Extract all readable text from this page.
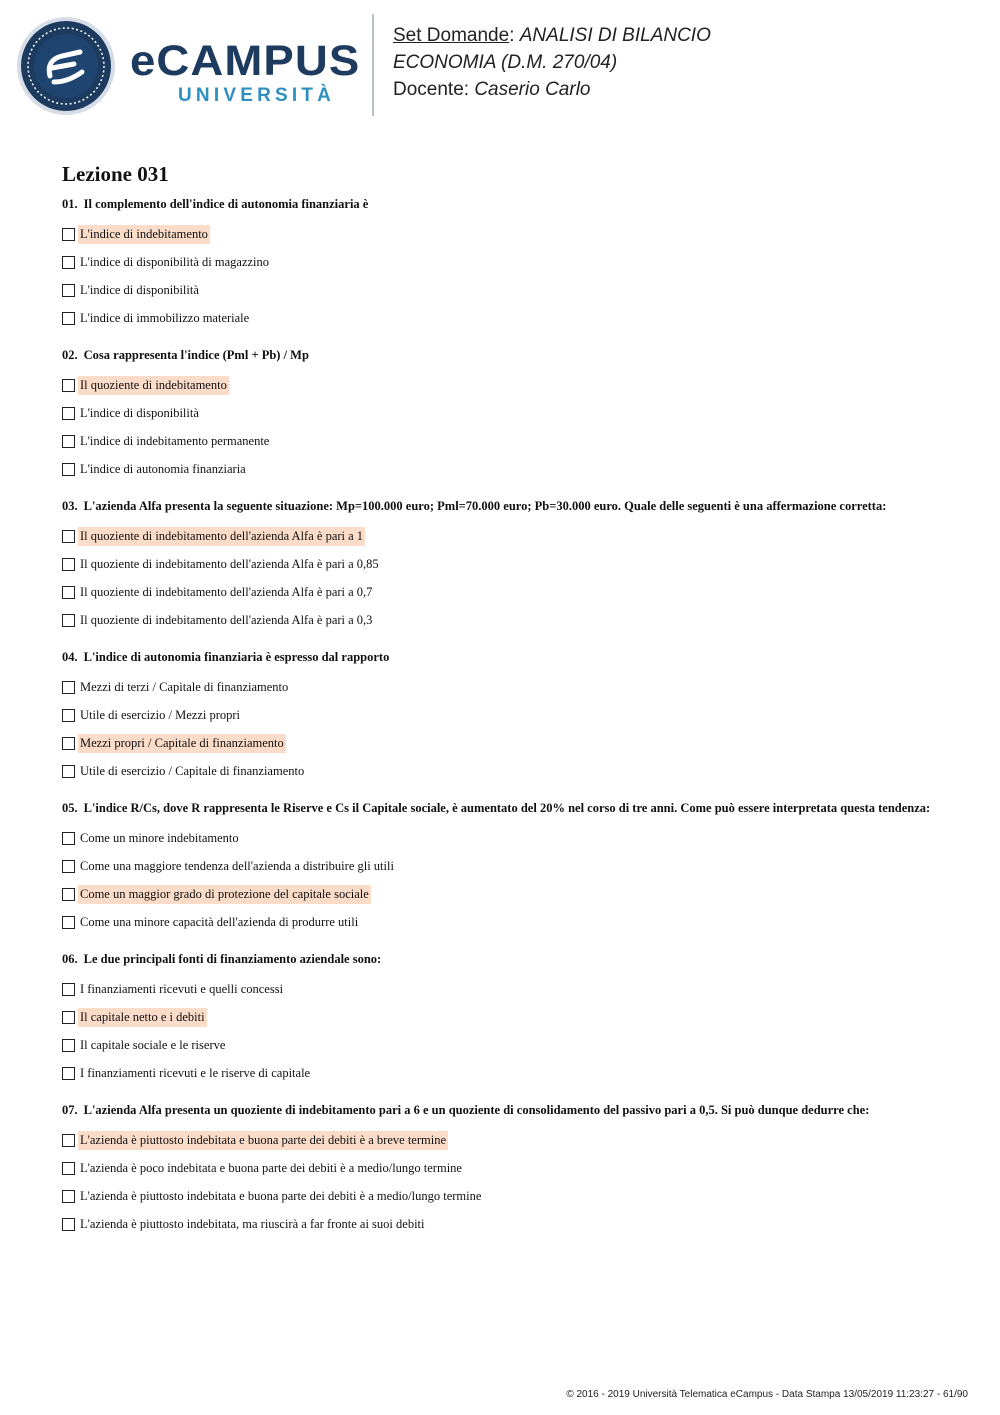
eCAMPUS
UNIVERSITÀ
Set Domande: ANALISI DI BILANCIO
ECONOMIA (D.M. 270/04)
Docente: Caserio Carlo
Lezione 031
01. Il complemento dell'indice di autonomia finanziaria è
L'indice di indebitamento
L'indice di disponibilità di magazzino
L'indice di disponibilità
L'indice di immobilizzo materiale
02. Cosa rappresenta l'indice (Pml + Pb) / Mp
Il quoziente di indebitamento
L'indice di disponibilità
L'indice di indebitamento permanente
L'indice di autonomia finanziaria
03. L'azienda Alfa presenta la seguente situazione: Mp=100.000 euro; Pml=70.000 euro; Pb=30.000 euro. Quale delle seguenti è una affermazione corretta:
Il quoziente di indebitamento dell'azienda Alfa è pari a 1
Il quoziente di indebitamento dell'azienda Alfa è pari a 0,85
Il quoziente di indebitamento dell'azienda Alfa è pari a 0,7
Il quoziente di indebitamento dell'azienda Alfa è pari a 0,3
04. L'indice di autonomia finanziaria è espresso dal rapporto
Mezzi di terzi / Capitale di finanziamento
Utile di esercizio / Mezzi propri
Mezzi propri / Capitale di finanziamento
Utile di esercizio / Capitale di finanziamento
05. L'indice R/Cs, dove R rappresenta le Riserve e Cs il Capitale sociale, è aumentato del 20% nel corso di tre anni. Come può essere interpretata questa tendenza:
Come un minore indebitamento
Come una maggiore tendenza dell'azienda a distribuire gli utili
Come un maggior grado di protezione del capitale sociale
Come una minore capacità dell'azienda di produrre utili
06. Le due principali fonti di finanziamento aziendale sono:
I finanziamenti ricevuti e quelli concessi
Il capitale netto e i debiti
Il capitale sociale e le riserve
I finanziamenti ricevuti e le riserve di capitale
07. L'azienda Alfa presenta un quoziente di indebitamento pari a 6 e un quoziente di consolidamento del passivo pari a 0,5. Si può dunque dedurre che:
L'azienda è piuttosto indebitata e buona parte dei debiti è a breve termine
L'azienda è poco indebitata e buona parte dei debiti è a medio/lungo termine
L'azienda è piuttosto indebitata e buona parte dei debiti è a medio/lungo termine
L'azienda è piuttosto indebitata, ma riuscirà a far fronte ai suoi debiti
© 2016 - 2019 Università Telematica eCampus - Data Stampa 13/05/2019 11:23:27 - 61/90
